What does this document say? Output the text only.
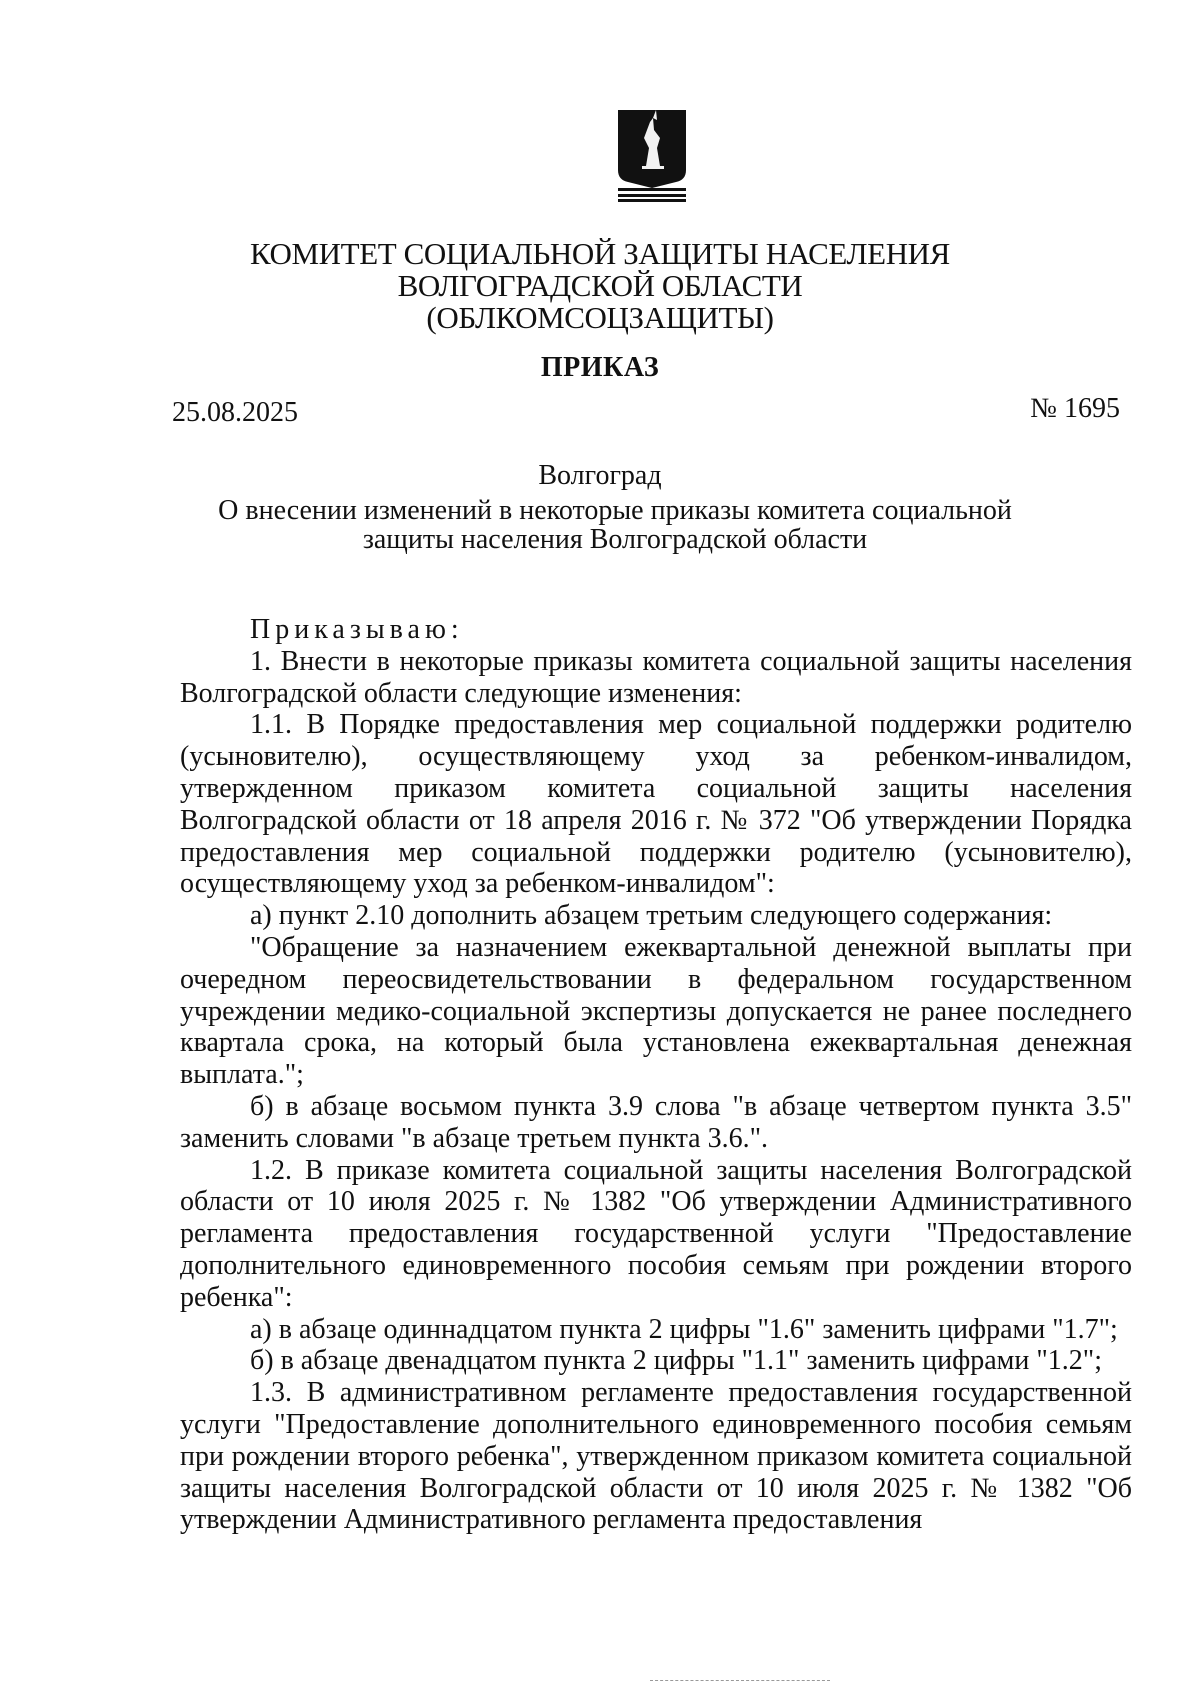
КОМИТЕТ СОЦИАЛЬНОЙ ЗАЩИТЫ НАСЕЛЕНИЯ
ВОЛГОГРАДСКОЙ ОБЛАСТИ
(ОБЛКОМСОЦЗАЩИТЫ)
ПРИКАЗ
25.08.2025	№ 1695
Волгоград
О внесении изменений в некоторые приказы комитета социальной защиты населения Волгоградской области

Приказываю:

1. Внести в некоторые приказы комитета социальной защиты населения Волгоградской области следующие изменения:

1.1. В Порядке предоставления мер социальной поддержки родителю (усыновителю), осуществляющему уход за ребенком-инвалидом, утвержденном приказом комитета социальной защиты населения Волгоградской области от 18 апреля 2016 г. № 372 "Об утверждении Порядка предоставления мер социальной поддержки родителю (усыновителю), осуществляющему уход за ребенком-инвалидом":

а) пункт 2.10 дополнить абзацем третьим следующего содержания:

"Обращение за назначением ежеквартальной денежной выплаты при очередном переосвидетельствовании в федеральном государственном учреждении медико-социальной экспертизы допускается не ранее последнего квартала срока, на который была установлена ежеквартальная денежная выплата.";

б) в абзаце восьмом пункта 3.9 слова "в абзаце четвертом пункта 3.5" заменить словами "в абзаце третьем пункта 3.6.".

1.2. В приказе комитета социальной защиты населения Волгоградской области от 10 июля 2025 г. № 1382 "Об утверждении Административного регламента предоставления государственной услуги "Предоставление дополнительного единовременного пособия семьям при рождении второго ребенка":

а) в абзаце одиннадцатом пункта 2 цифры "1.6" заменить цифрами "1.7";

б) в абзаце двенадцатом пункта 2 цифры "1.1" заменить цифрами "1.2";

1.3. В административном регламенте предоставления государственной услуги "Предоставление дополнительного единовременного пособия семьям при рождении второго ребенка", утвержденном приказом комитета социальной защиты населения Волгоградской области от 10 июля 2025 г. № 1382 "Об утверждении Административного регламента предоставления
